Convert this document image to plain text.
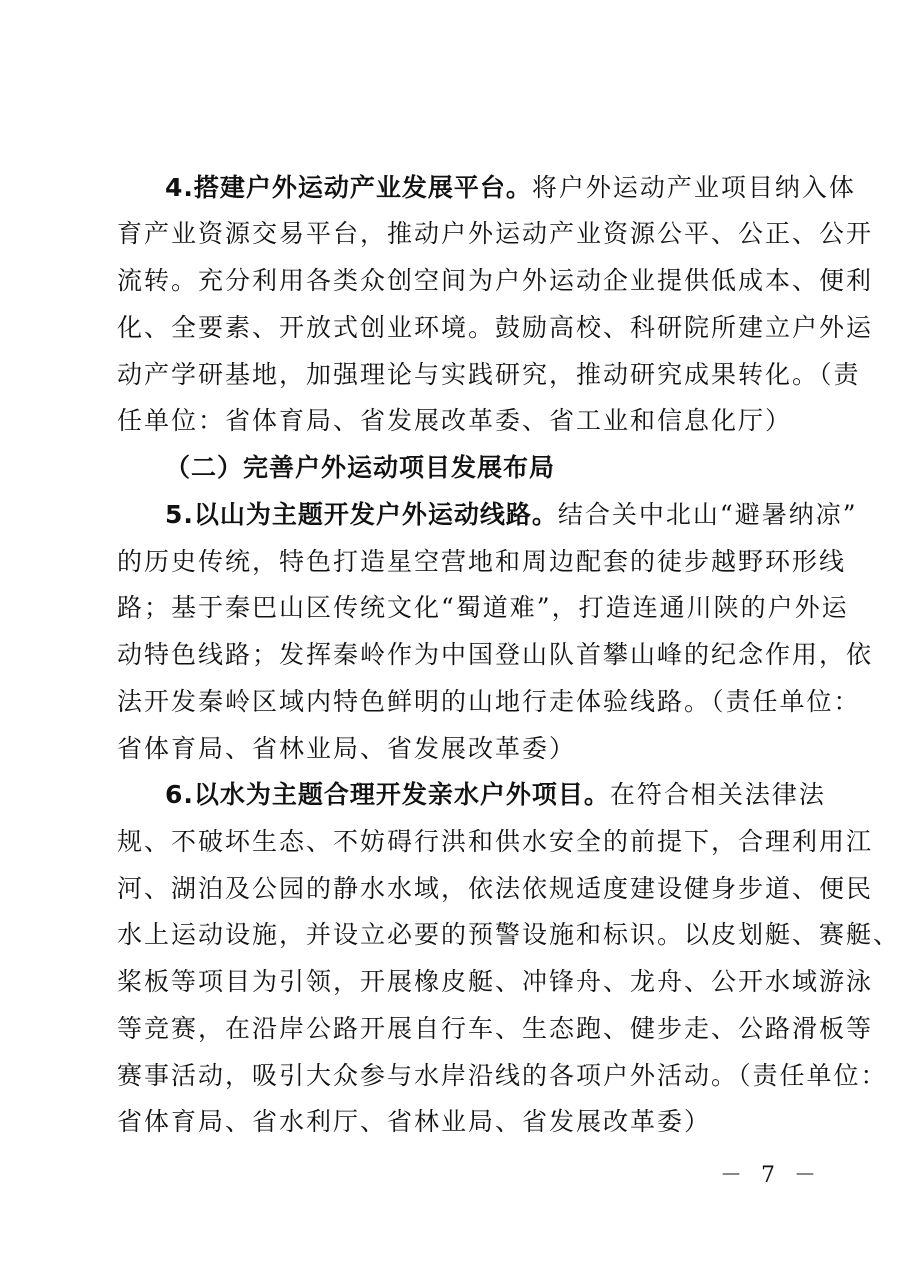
4.搭建户外运动产业发展平台。将户外运动产业项目纳入体
育产业资源交易平台，推动户外运动产业资源公平、公正、公开
流转。充分利用各类众创空间为户外运动企业提供低成本、便利
化、全要素、开放式创业环境。鼓励高校、科研院所建立户外运
动产学研基地，加强理论与实践研究，推动研究成果转化。（责
任单位：省体育局、省发展改革委、省工业和信息化厅）
（二）完善户外运动项目发展布局
5.以山为主题开发户外运动线路。结合关中北山“避暑纳凉”
的历史传统，特色打造星空营地和周边配套的徒步越野环形线
路；基于秦巴山区传统文化“蜀道难”，打造连通川陕的户外运
动特色线路；发挥秦岭作为中国登山队首攀山峰的纪念作用，依
法开发秦岭区域内特色鲜明的山地行走体验线路。（责任单位：
省体育局、省林业局、省发展改革委）
6.以水为主题合理开发亲水户外项目。在符合相关法律法
规、不破坏生态、不妨碍行洪和供水安全的前提下，合理利用江
河、湖泊及公园的静水水域，依法依规适度建设健身步道、便民
水上运动设施，并设立必要的预警设施和标识。以皮划艇、赛艇、
桨板等项目为引领，开展橡皮艇、冲锋舟、龙舟、公开水域游泳
等竞赛，在沿岸公路开展自行车、生态跑、健步走、公路滑板等
赛事活动，吸引大众参与水岸沿线的各项户外活动。（责任单位：
省体育局、省水利厅、省林业局、省发展改革委）
－ 7 －
